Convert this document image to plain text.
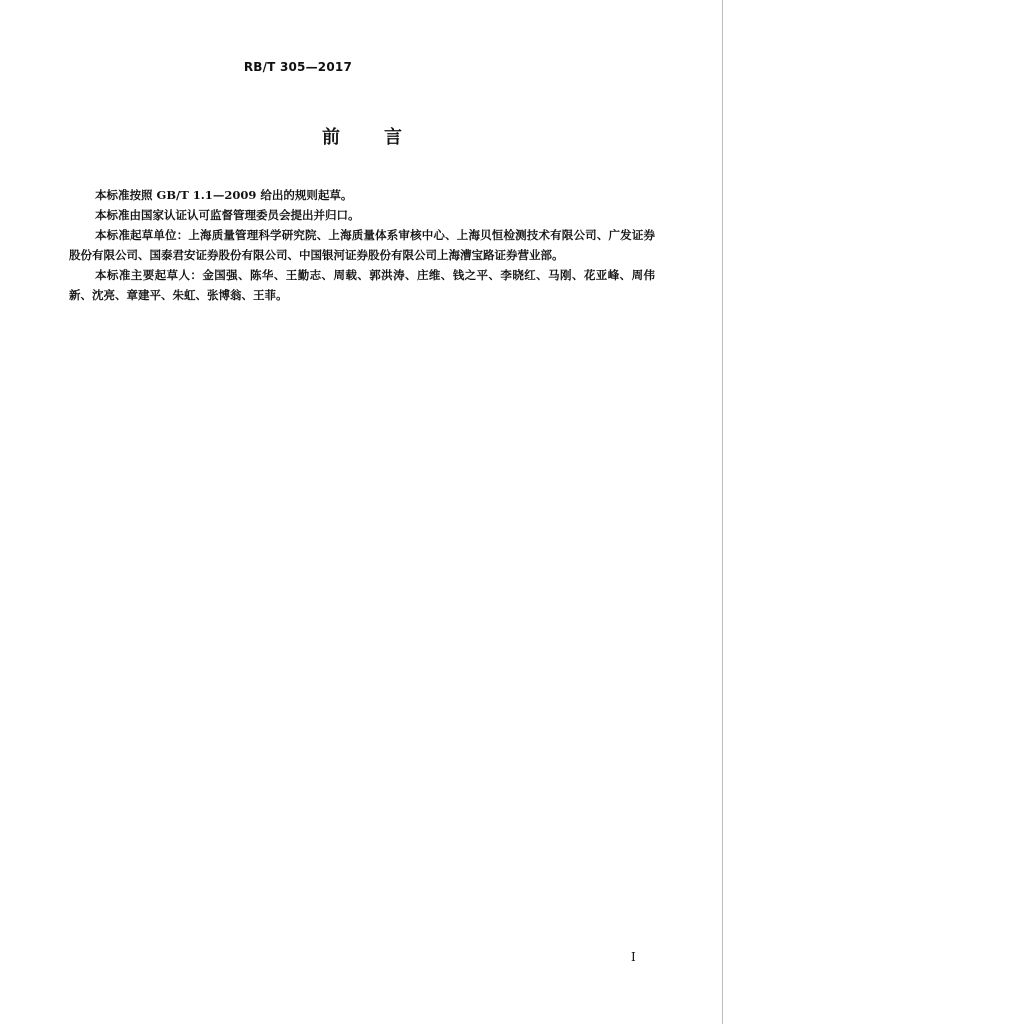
RB/T 305—2017
前 言

本标准按照 GB/T 1.1—2009 给出的规则起草。

本标准由国家认证认可监督管理委员会提出并归口。

本标准起草单位：上海质量管理科学研究院、上海质量体系审核中心、上海贝恒检测技术有限公司、广发证券股份有限公司、国泰君安证券股份有限公司、中国银河证券股份有限公司上海漕宝路证券营业部。

本标准主要起草人：金国强、陈华、王勤志、周载、郭洪涛、庄维、钱之平、李晓红、马刚、花亚峰、周伟新、沈亮、章建平、朱虹、张博翁、王菲。

I
